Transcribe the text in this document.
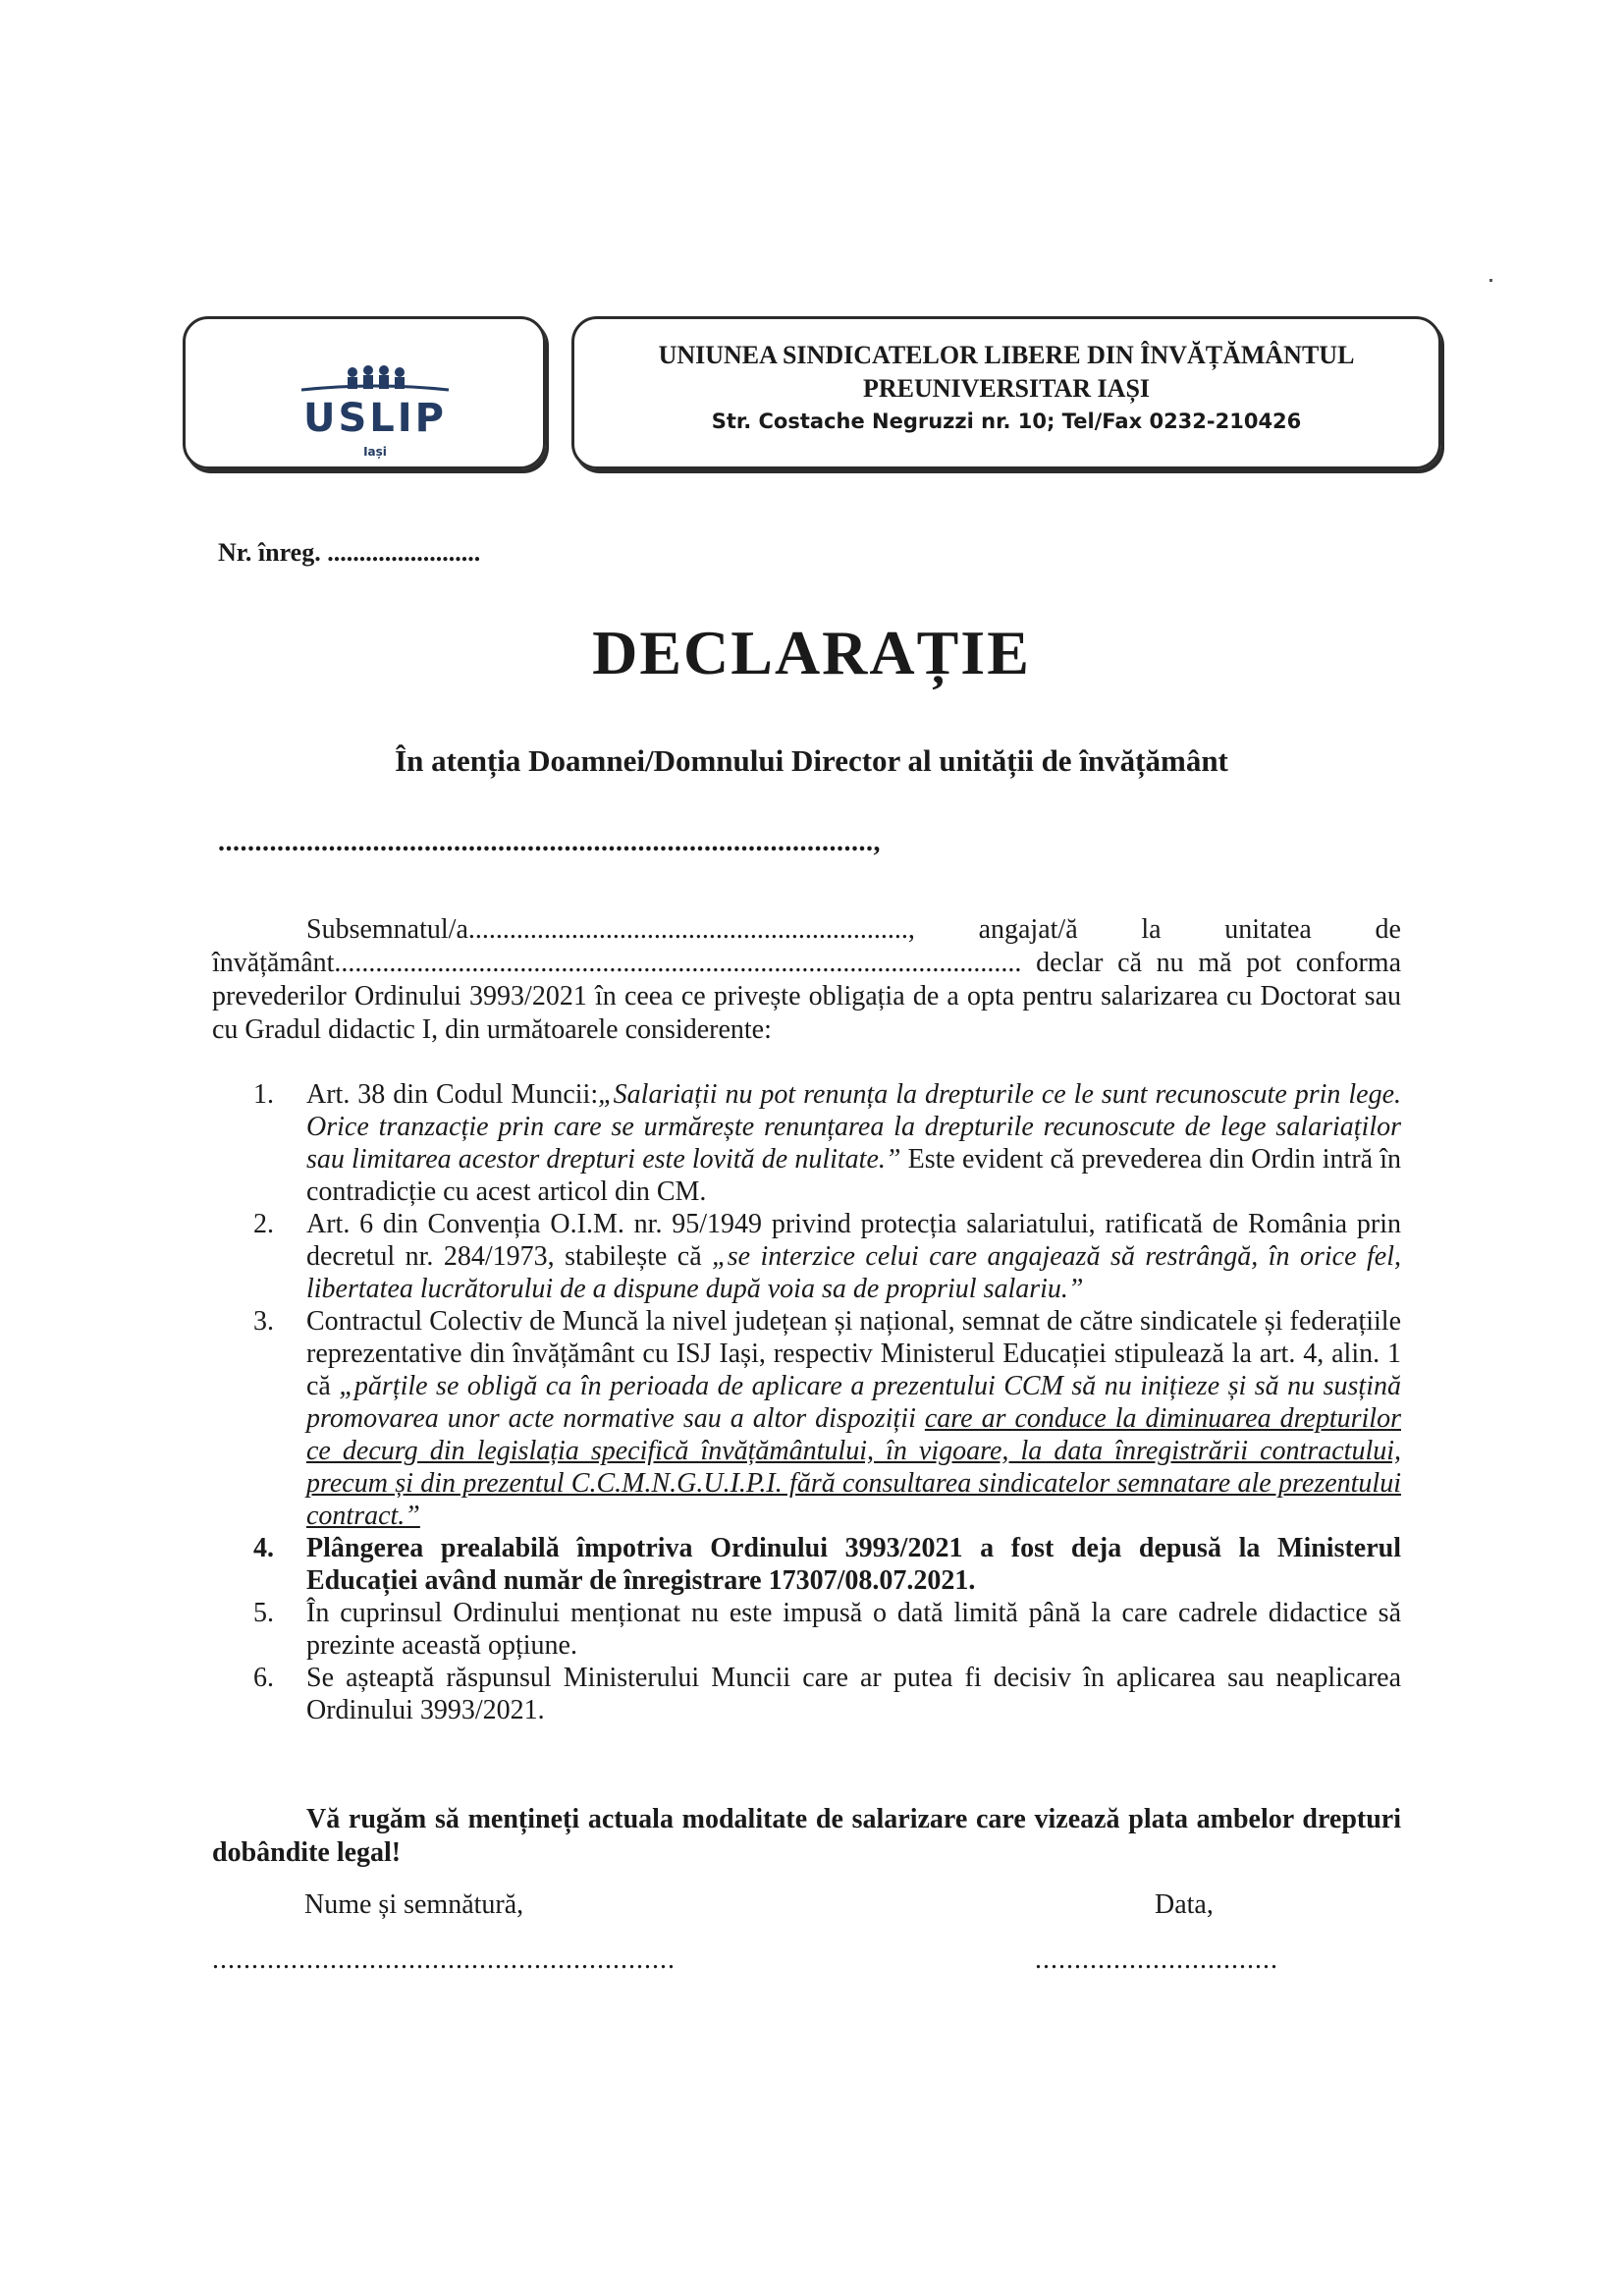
USLIP
Iași
UNIUNEA SINDICATELOR LIBERE DIN ÎNVĂȚĂMÂNTUL
PREUNIVERSITAR IAȘI
Str. Costache Negruzzi nr. 10; Tel/Fax 0232-210426
Nr. înreg. ........................
DECLARAȚIE
În atenția Doamnei/Domnului Director al unității de învățământ
.........................................................................................,
Subsemnatul/a................................................................, angajat/ă la unitatea de învățământ.................................................................................................... declar că nu mă pot conforma prevederilor Ordinului 3993/2021 în ceea ce privește obligația de a opta pentru salarizarea cu Doctorat sau cu Gradul didactic I, din următoarele considerente:
1. Art. 38 din Codul Muncii:„Salariații nu pot renunța la drepturile ce le sunt recunoscute prin lege. Orice tranzacție prin care se urmărește renunțarea la drepturile recunoscute de lege salariaților sau limitarea acestor drepturi este lovită de nulitate.” Este evident că prevederea din Ordin intră în contradicție cu acest articol din CM.
2. Art. 6 din Convenția O.I.M. nr. 95/1949 privind protecția salariatului, ratificată de România prin decretul nr. 284/1973, stabilește că „se interzice celui care angajează să restrângă, în orice fel, libertatea lucrătorului de a dispune după voia sa de propriul salariu.”
3. Contractul Colectiv de Muncă la nivel județean și național, semnat de către sindicatele și federațiile reprezentative din învățământ cu ISJ Iași, respectiv Ministerul Educației stipulează la art. 4, alin. 1 că „părțile se obligă ca în perioada de aplicare a prezentului CCM să nu inițieze și să nu susțină promovarea unor acte normative sau a altor dispoziții care ar conduce la diminuarea drepturilor ce decurg din legislația specifică învățământului, în vigoare, la data înregistrării contractului, precum și din prezentul C.C.M.N.G.U.I.P.I. fără consultarea sindicatelor semnatare ale prezentului contract.”
4. Plângerea prealabilă împotriva Ordinului 3993/2021 a fost deja depusă la Ministerul Educației având număr de înregistrare 17307/08.07.2021.
5. În cuprinsul Ordinului menționat nu este impusă o dată limită până la care cadrele didactice să prezinte această opțiune.
6. Se așteaptă răspunsul Ministerului Muncii care ar putea fi decisiv în aplicarea sau neaplicarea Ordinului 3993/2021.
Vă rugăm să mențineți actuala modalitate de salarizare care vizează plata ambelor drepturi dobândite legal!
Nume și semnătură,	Data,
...........................................................	...............................
